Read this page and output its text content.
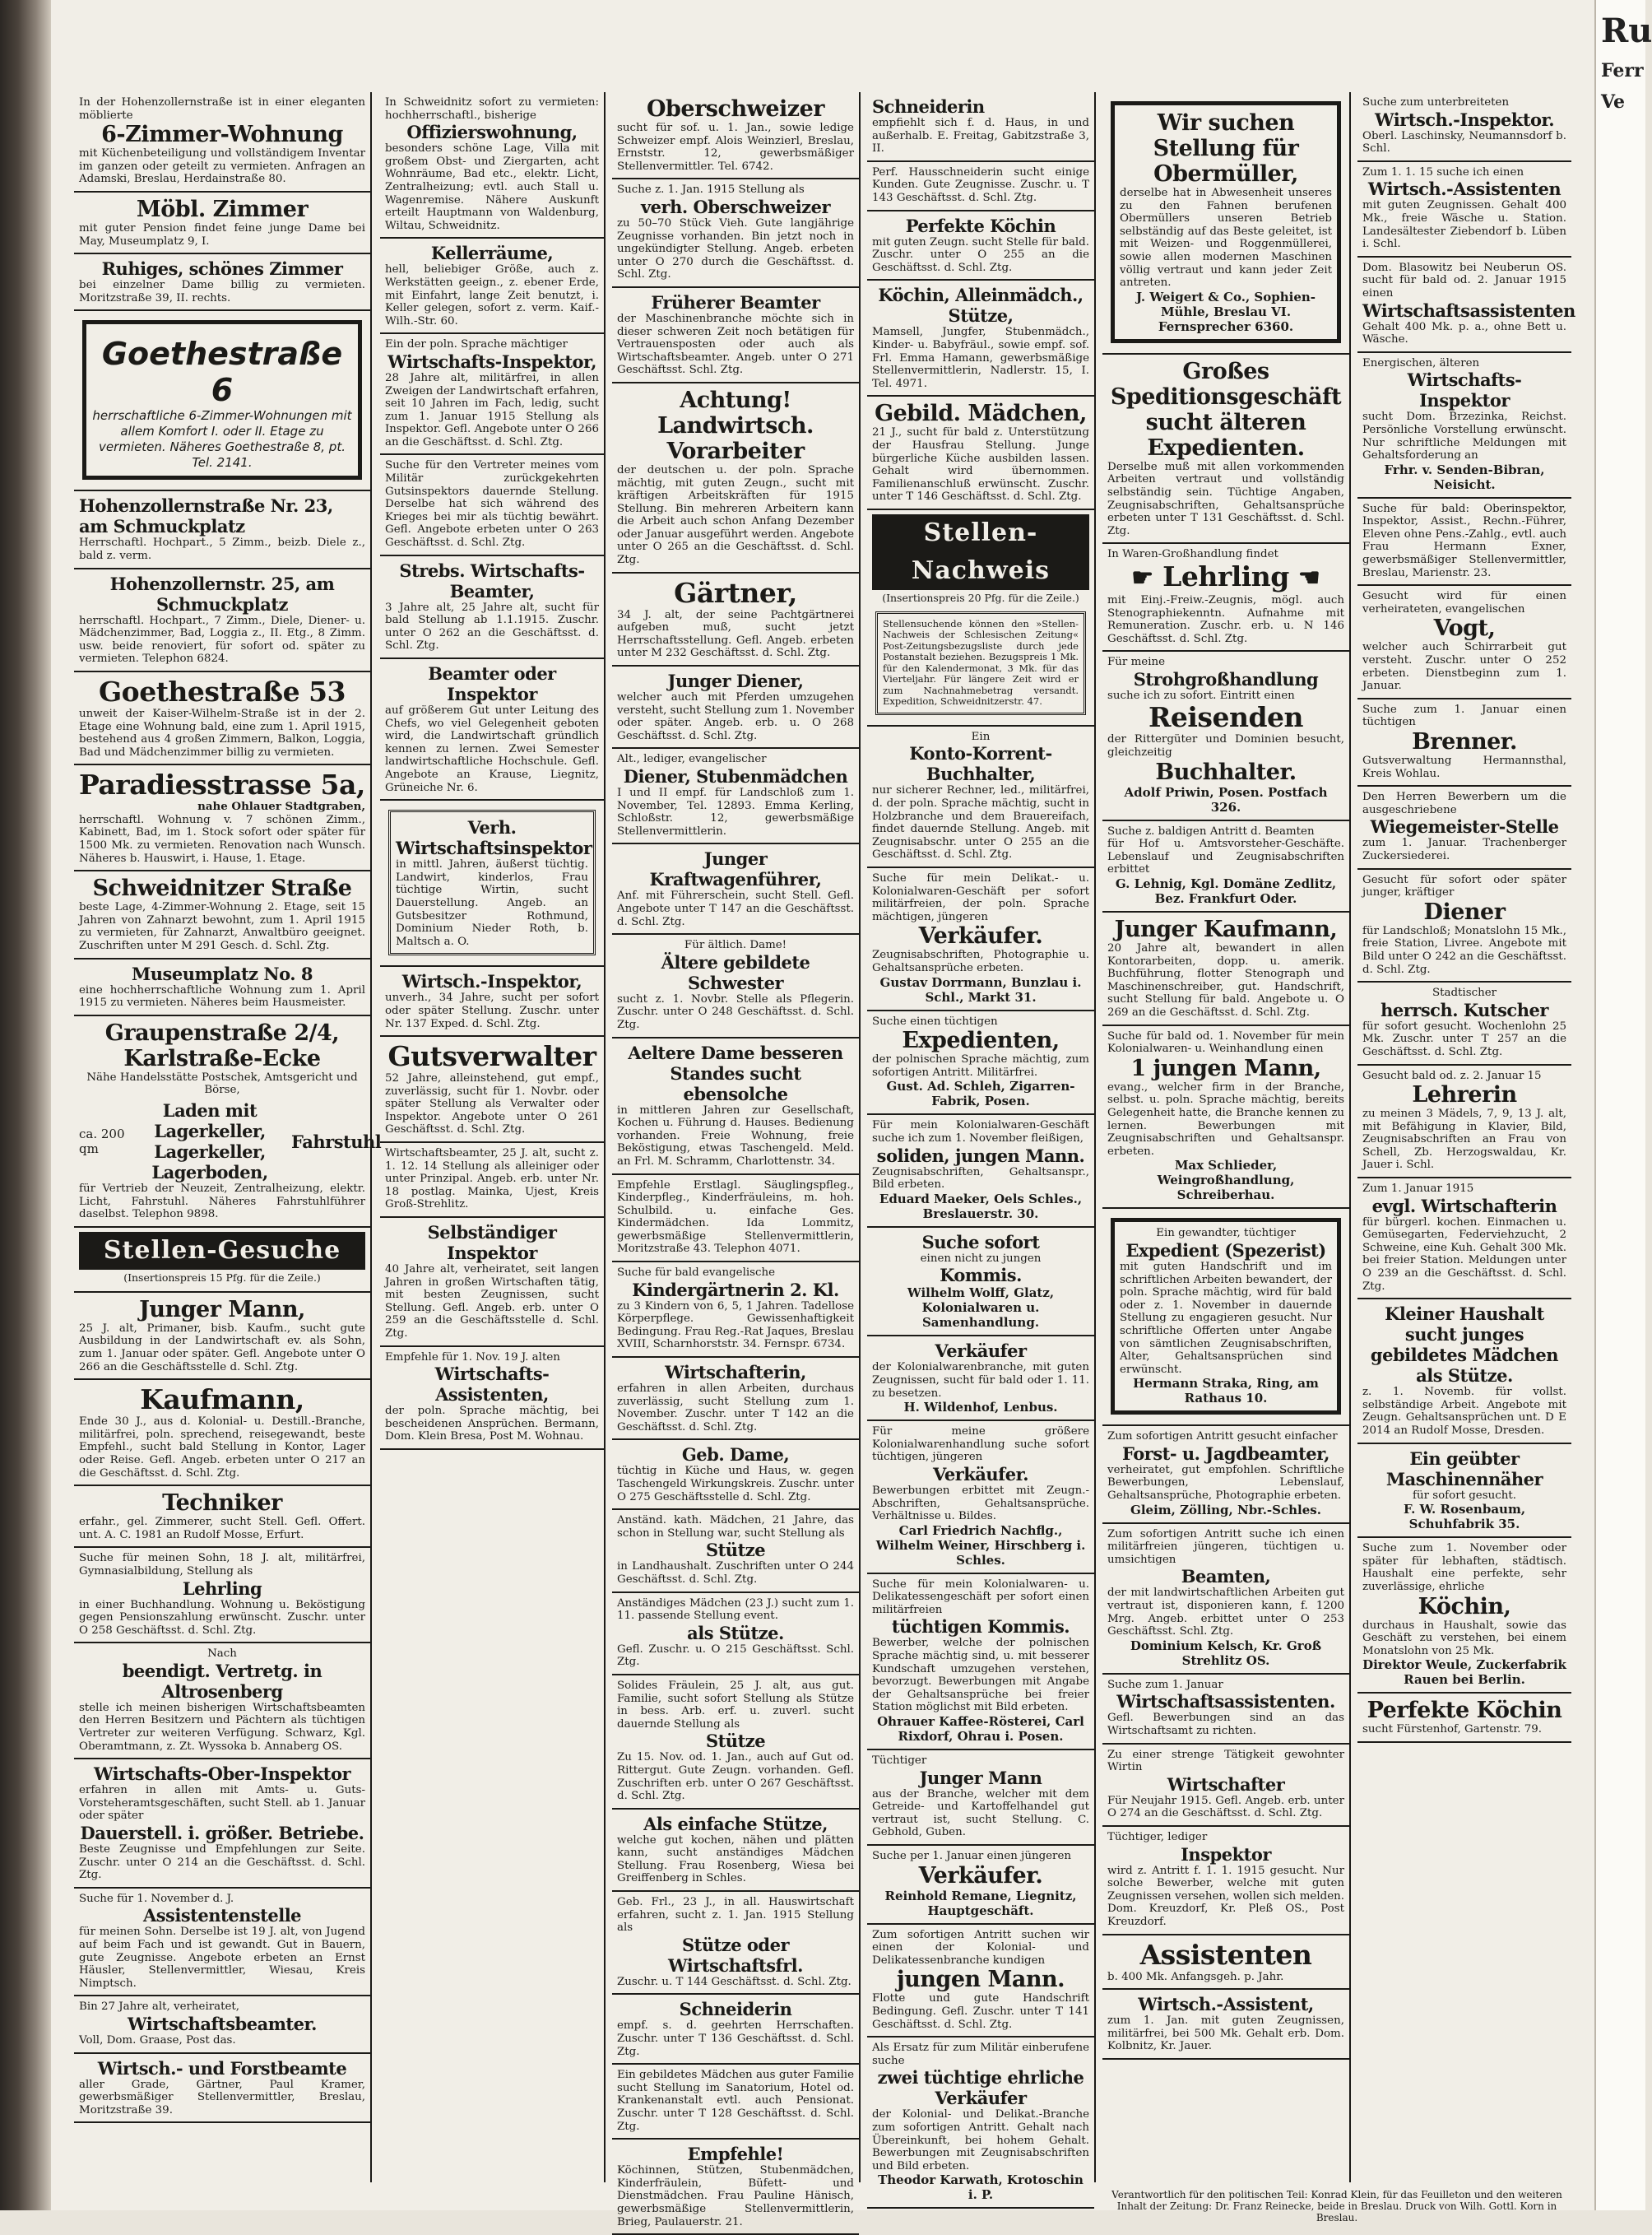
Ru
Ferr
Ve

In der Hohenzollernstraße ist in einer eleganten möblierte

6-Zimmer-Wohnung

mit Küchenbeteiligung und vollständigem Inventar im ganzen oder geteilt zu vermieten. Anfragen an Adamski, Breslau, Herdainstraße 80.

Möbl. Zimmer

mit guter Pension findet feine junge Dame bei May, Museumplatz 9, I.

Ruhiges, schönes Zimmer

bei einzelner Dame billig zu vermieten. Moritzstraße 39, II. rechts.

Goethestraße 6
herrschaftliche 6-Zimmer-Wohnungen mit allem Komfort I. oder II. Etage zu vermieten. Näheres Goethestraße 8, pt. Tel. 2141.
Hohenzollernstraße Nr. 23, am Schmuckplatz

Herrschaftl. Hochpart., 5 Zimm., beizb. Diele z., bald z. verm.

Hohenzollernstr. 25, am Schmuckplatz

herrschaftl. Hochpart., 7 Zimm., Diele, Diener- u. Mädchenzimmer, Bad, Loggia z., II. Etg., 8 Zimm. usw. beide renoviert, für sofort od. später zu vermieten. Telephon 6824.

Goethestraße 53

unweit der Kaiser-Wilhelm-Straße ist in der 2. Etage eine Wohnung bald, eine zum 1. April 1915, bestehend aus 4 großen Zimmern, Balkon, Loggia, Bad und Mädchenzimmer billig zu vermieten.

Paradiesstrasse 5a,

nahe Ohlauer Stadtgraben,

herrschaftl. Wohnung v. 7 schönen Zimm., Kabinett, Bad, im 1. Stock sofort oder später für 1500 Mk. zu vermieten. Renovation nach Wunsch. Näheres b. Hauswirt, i. Hause, 1. Etage.

Schweidnitzer Straße

beste Lage, 4-Zimmer-Wohnung 2. Etage, seit 15 Jahren von Zahnarzt bewohnt, zum 1. April 1915 zu vermieten, für Zahnarzt, Anwaltbüro geeignet. Zuschriften unter M 291 Gesch. d. Schl. Ztg.

Museumplatz No. 8

eine hochherrschaftliche Wohnung zum 1. April 1915 zu vermieten. Näheres beim Hausmeister.

Graupenstraße 2/4, Karlstraße-Ecke

Nähe Handelsstätte Postschek, Amtsgericht und Börse,

ca. 200 qm
Laden mit Lagerkeller,
Lagerkeller,
Lagerboden,
Fahrstuhl

für Vertrieb der Neuzeit, Zentralheizung, elektr. Licht, Fahrstuhl. Näheres Fahrstuhlführer daselbst. Telephon 9898.

Stellen-Gesuche
(Insertionspreis 15 Pfg. für die Zeile.)
Junger Mann,

25 J. alt, Primaner, bisb. Kaufm., sucht gute Ausbildung in der Landwirtschaft ev. als Sohn, zum 1. Januar oder später. Gefl. Angebote unter O 266 an die Geschäftsstelle d. Schl. Ztg.

Kaufmann,

Ende 30 J., aus d. Kolonial- u. Destill.-Branche, militärfrei, poln. sprechend, reisegewandt, beste Empfehl., sucht bald Stellung in Kontor, Lager oder Reise. Gefl. Angeb. erbeten unter O 217 an die Geschäftsst. d. Schl. Ztg.

Techniker

erfahr., gel. Zimmerer, sucht Stell. Gefl. Offert. unt. A. C. 1981 an Rudolf Mosse, Erfurt.

Suche für meinen Sohn, 18 J. alt, militärfrei, Gymnasialbildung, Stellung als

Lehrling

in einer Buchhandlung. Wohnung u. Beköstigung gegen Pensionszahlung erwünscht. Zuschr. unter O 258 Geschäftsst. d. Schl. Ztg.

Nach

beendigt. Vertretg. in Altrosenberg

stelle ich meinen bisherigen Wirtschaftsbeamten den Herren Besitzern und Pächtern als tüchtigen Vertreter zur weiteren Verfügung. Schwarz, Kgl. Oberamtmann, z. Zt. Wyssoka b. Annaberg OS.

Wirtschafts-Ober-Inspektor

erfahren in allen mit Amts- u. Guts-Vorsteheramtsgeschäften, sucht Stell. ab 1. Januar oder später

Dauerstell. i. größer. Betriebe.

Beste Zeugnisse und Empfehlungen zur Seite. Zuschr. unter O 214 an die Geschäftsst. d. Schl. Ztg.

Suche für 1. November d. J.

Assistentenstelle

für meinen Sohn. Derselbe ist 19 J. alt, von Jugend auf beim Fach und ist gewandt. Gut in Bauern, gute Zeugnisse. Angebote erbeten an Ernst Häusler, Stellenvermittler, Wiesau, Kreis Nimptsch.

Bin 27 Jahre alt, verheiratet,

Wirtschaftsbeamter.

Voll, Dom. Graase, Post das.

Wirtsch.- und Forstbeamte

aller Grade, Gärtner, Paul Kramer, gewerbsmäßiger Stellenvermittler, Breslau, Moritzstraße 39.

In Schweidnitz sofort zu vermieten: hochherrschaftl., bisherige

Offizierswohnung,

besonders schöne Lage, Villa mit großem Obst- und Ziergarten, acht Wohnräume, Bad etc., elektr. Licht, Zentralheizung; evtl. auch Stall u. Wagenremise. Nähere Auskunft erteilt Hauptmann von Waldenburg, Wiltau, Schweidnitz.

Kellerräume,

hell, beliebiger Größe, auch z. Werkstätten geeign., z. ebener Erde, mit Einfahrt, lange Zeit benutzt, i. Keller gelegen, sofort z. verm. Kaif.-Wilh.-Str. 60.

Ein der poln. Sprache mächtiger

Wirtschafts-Inspektor,

28 Jahre alt, militärfrei, in allen Zweigen der Landwirtschaft erfahren, seit 10 Jahren im Fach, ledig, sucht zum 1. Januar 1915 Stellung als Inspektor. Gefl. Angebote unter O 266 an die Geschäftsst. d. Schl. Ztg.

Suche für den Vertreter meines vom Militär zurückgekehrten Gutsinspektors dauernde Stellung. Derselbe hat sich während des Krieges bei mir als tüchtig bewährt. Gefl. Angebote erbeten unter O 263 Geschäftsst. d. Schl. Ztg.

Strebs. Wirtschafts-Beamter,

3 Jahre alt, 25 Jahre alt, sucht für bald Stellung ab 1.1.1915. Zuschr. unter O 262 an die Geschäftsst. d. Schl. Ztg.

Beamter oder Inspektor

auf größerem Gut unter Leitung des Chefs, wo viel Gelegenheit geboten wird, die Landwirtschaft gründlich kennen zu lernen. Zwei Semester landwirtschaftliche Hochschule. Gefl. Angebote an Krause, Liegnitz, Grüneiche Nr. 6.

Verh. Wirtschaftsinspektor

in mittl. Jahren, äußerst tüchtig. Landwirt, kinderlos, Frau tüchtige Wirtin, sucht Dauerstellung. Angeb. an Gutsbesitzer Rothmund, Dominium Nieder Roth, b. Maltsch a. O.

Wirtsch.-Inspektor,

unverh., 34 Jahre, sucht per sofort oder später Stellung. Zuschr. unter Nr. 137 Exped. d. Schl. Ztg.

Gutsverwalter

52 Jahre, alleinstehend, gut empf., zuverlässig, sucht für 1. Novbr. oder später Stellung als Verwalter oder Inspektor. Angebote unter O 261 Geschäftsst. d. Schl. Ztg.

Wirtschaftsbeamter, 25 J. alt, sucht z. 1. 12. 14 Stellung als alleiniger oder unter Prinzipal. Angeb. erb. unter Nr. 18 postlag. Mainka, Ujest, Kreis Groß-Strehlitz.

Selbständiger Inspektor

40 Jahre alt, verheiratet, seit langen Jahren in großen Wirtschaften tätig, mit besten Zeugnissen, sucht Stellung. Gefl. Angeb. erb. unter O 259 an die Geschäftsstelle d. Schl. Ztg.

Empfehle für 1. Nov. 19 J. alten

Wirtschafts-Assistenten,

der poln. Sprache mächtig, bei bescheidenen Ansprüchen. Bermann, Dom. Klein Bresa, Post M. Wohnau.

Oberschweizer

sucht für sof. u. 1. Jan., sowie ledige Schweizer empf. Alois Weinzierl, Breslau, Ernststr. 12, gewerbsmäßiger Stellenvermittler. Tel. 6742.

Suche z. 1. Jan. 1915 Stellung als

verh. Oberschweizer

zu 50–70 Stück Vieh. Gute langjährige Zeugnisse vorhanden. Bin jetzt noch in ungekündigter Stellung. Angeb. erbeten unter O 270 durch die Geschäftsst. d. Schl. Ztg.

Früherer Beamter

der Maschinenbranche möchte sich in dieser schweren Zeit noch betätigen für Vertrauensposten oder auch als Wirtschaftsbeamter. Angeb. unter O 271 Geschäftsst. Schl. Ztg.

Achtung! Landwirtsch. Vorarbeiter

der deutschen u. der poln. Sprache mächtig, mit guten Zeugn., sucht mit kräftigen Arbeitskräften für 1915 Stellung. Bin mehreren Arbeitern kann die Arbeit auch schon Anfang Dezember oder Januar ausgeführt werden. Angebote unter O 265 an die Geschäftsst. d. Schl. Ztg.

Gärtner,

34 J. alt, der seine Pachtgärtnerei aufgeben muß, sucht jetzt Herrschaftsstellung. Gefl. Angeb. erbeten unter M 232 Geschäftsst. d. Schl. Ztg.

Junger Diener,

welcher auch mit Pferden umzugehen versteht, sucht Stellung zum 1. November oder später. Angeb. erb. u. O 268 Geschäftsst. d. Schl. Ztg.

Alt., lediger, evangelischer

Diener, Stubenmädchen

I und II empf. für Landschloß zum 1. November, Tel. 12893. Emma Kerling, Schloßstr. 12, gewerbsmäßige Stellenvermittlerin.

Junger Kraftwagenführer,

Anf. mit Führerschein, sucht Stell. Gefl. Angebote unter T 147 an die Geschäftsst. d. Schl. Ztg.

Für ältlich. Dame!

Ältere gebildete Schwester

sucht z. 1. Novbr. Stelle als Pflegerin. Zuschr. unter O 248 Geschäftsst. d. Schl. Ztg.

Aeltere Dame besseren Standes sucht ebensolche

in mittleren Jahren zur Gesellschaft, Kochen u. Führung d. Hauses. Bedienung vorhanden. Freie Wohnung, freie Beköstigung, etwas Taschengeld. Meld. an Frl. M. Schramm, Charlottenstr. 34.

Empfehle Erstlagl. Säuglingspfleg., Kinderpfleg., Kinderfräuleins, m. hoh. Schulbild. u. einfache Ges. Kindermädchen. Ida Lommitz, gewerbsmäßige Stellenvermittlerin, Moritzstraße 43. Telephon 4071.

Suche für bald evangelische

Kindergärtnerin 2. Kl.

zu 3 Kindern von 6, 5, 1 Jahren. Tadellose Körperpflege. Gewissenhaftigkeit Bedingung. Frau Reg.-Rat Jaques, Breslau XVIII, Scharnhorststr. 34. Fernspr. 6734.

Wirtschafterin,

erfahren in allen Arbeiten, durchaus zuverlässig, sucht Stellung zum 1. November. Zuschr. unter T 142 an die Geschäftsst. d. Schl. Ztg.

Geb. Dame,

tüchtig in Küche und Haus, w. gegen Taschengeld Wirkungskreis. Zuschr. unter O 275 Geschäftsstelle d. Schl. Ztg.

Anständ. kath. Mädchen, 21 Jahre, das schon in Stellung war, sucht Stellung als

Stütze

in Landhaushalt. Zuschriften unter O 244 Geschäftsst. d. Schl. Ztg.

Anständiges Mädchen (23 J.) sucht zum 1. 11. passende Stellung event.

als Stütze.

Gefl. Zuschr. u. O 215 Geschäftsst. Schl. Ztg.

Solides Fräulein, 25 J. alt, aus gut. Familie, sucht sofort Stellung als Stütze in bess. Arb. erf. u. zuverl. sucht dauernde Stellung als

Stütze

Zu 15. Nov. od. 1. Jan., auch auf Gut od. Rittergut. Gute Zeugn. vorhanden. Gefl. Zuschriften erb. unter O 267 Geschäftsst. d. Schl. Ztg.

Als einfache Stütze,

welche gut kochen, nähen und plätten kann, sucht anständiges Mädchen Stellung. Frau Rosenberg, Wiesa bei Greiffenberg in Schles.

Geb. Frl., 23 J., in all. Hauswirtschaft erfahren, sucht z. 1. Jan. 1915 Stellung als

Stütze oder Wirtschaftsfrl.

Zuschr. u. T 144 Geschäftsst. d. Schl. Ztg.

Schneiderin

empf. s. d. geehrten Herrschaften. Zuschr. unter T 136 Geschäftsst. d. Schl. Ztg.

Ein gebildetes Mädchen aus guter Familie sucht Stellung im Sanatorium, Hotel od. Krankenanstalt evtl. auch Pensionat. Zuschr. unter T 128 Geschäftsst. d. Schl. Ztg.

Empfehle!

Köchinnen, Stützen, Stubenmädchen, Kinderfräulein, Büfett- und Dienstmädchen. Frau Pauline Hänisch, gewerbsmäßige Stellenvermittlerin, Brieg, Paulauerstr. 21.

Schneiderin

empfiehlt sich f. d. Haus, in und außerhalb. E. Freitag, Gabitzstraße 3, II.

Perf. Hausschneiderin sucht einige Kunden. Gute Zeugnisse. Zuschr. u. T 143 Geschäftsst. d. Schl. Ztg.

Perfekte Köchin

mit guten Zeugn. sucht Stelle für bald. Zuschr. unter O 255 an die Geschäftsst. d. Schl. Ztg.

Köchin, Alleinmädch., Stütze,

Mamsell, Jungfer, Stubenmädch., Kinder- u. Babyfräul., sowie empf. sof. Frl. Emma Hamann, gewerbsmäßige Stellenvermittlerin, Nadlerstr. 15, I. Tel. 4971.

Gebild. Mädchen,

21 J., sucht für bald z. Unterstützung der Hausfrau Stellung. Junge bürgerliche Küche ausbilden lassen. Gehalt wird übernommen. Familienanschluß erwünscht. Zuschr. unter T 146 Geschäftsst. d. Schl. Ztg.

Stellen-Nachweis
(Insertionspreis 20 Pfg. für die Zeile.)

Stellensuchende können den »Stellen-Nachweis der Schlesischen Zeitung« Post-Zeitungsbezugsliste durch jede Postanstalt beziehen. Bezugspreis 1 Mk. für den Kalendermonat, 3 Mk. für das Vierteljahr. Für längere Zeit wird er zum Nachnahmebetrag versandt. Expedition, Schweidnitzerstr. 47.

Ein

Konto-Korrent-Buchhalter,

nur sicherer Rechner, led., militärfrei, d. der poln. Sprache mächtig, sucht in Holzbranche und dem Brauereifach, findet dauernde Stellung. Angeb. mit Zeugnisabschr. unter O 255 an die Geschäftsst. d. Schl. Ztg.

Suche für mein Delikat.- u. Kolonialwaren-Geschäft per sofort militärfreien, der poln. Sprache mächtigen, jüngeren

Verkäufer.

Zeugnisabschriften, Photographie u. Gehaltsansprüche erbeten.

Gustav Dorrmann, Bunzlau i. Schl., Markt 31.

Suche einen tüchtigen

Expedienten,

der polnischen Sprache mächtig, zum sofortigen Antritt. Militärfrei.

Gust. Ad. Schleh, Zigarren-Fabrik, Posen.

Für mein Kolonialwaren-Geschäft suche ich zum 1. November fleißigen,

soliden, jungen Mann.

Zeugnisabschriften, Gehaltsanspr., Bild erbeten.

Eduard Maeker, Oels Schles., Breslauerstr. 30.
Suche sofort

einen nicht zu jungen

Kommis.
Wilhelm Wolff, Glatz, Kolonialwaren u. Samenhandlung.
Verkäufer

der Kolonialwarenbranche, mit guten Zeugnissen, sucht für bald oder 1. 11. zu besetzen.

H. Wildenhof, Lenbus.

Für meine größere Kolonialwarenhandlung suche sofort tüchtigen, jüngeren

Verkäufer.

Bewerbungen erbittet mit Zeugn.-Abschriften, Gehaltsansprüche. Verhältnisse u. Bildes.

Carl Friedrich Nachflg., Wilhelm Weiner, Hirschberg i. Schles.

Suche für mein Kolonialwaren- u. Delikatessengeschäft per sofort einen militärfreien

tüchtigen Kommis.

Bewerber, welche der polnischen Sprache mächtig sind, u. mit besserer Kundschaft umzugehen verstehen, bevorzugt. Bewerbungen mit Angabe der Gehaltsansprüche bei freier Station möglichst mit Bild erbeten.

Ohrauer Kaffee-Rösterei, Carl Rixdorf, Ohrau i. Posen.

Tüchtiger

Junger Mann

aus der Branche, welcher mit dem Getreide- und Kartoffelhandel gut vertraut ist, sucht Stellung. C. Gebhold, Guben.

Suche per 1. Januar einen jüngeren

Verkäufer.
Reinhold Remane, Liegnitz, Hauptgeschäft.

Zum sofortigen Antritt suchen wir einen der Kolonial- und Delikatessenbranche kundigen

jungen Mann.

Flotte und gute Handschrift Bedingung. Gefl. Zuschr. unter T 141 Geschäftsst. d. Schl. Ztg.

Als Ersatz für zum Militär einberufene suche

zwei tüchtige ehrliche Verkäufer

der Kolonial- und Delikat.-Branche zum sofortigen Antritt. Gehalt nach Übereinkunft, bei hohem Gehalt. Bewerbungen mit Zeugnisabschriften und Bild erbeten.

Theodor Karwath, Krotoschin i. P.
Wir suchen Stellung für Obermüller,

derselbe hat in Abwesenheit unseres zu den Fahnen berufenen Obermüllers unseren Betrieb selbständig auf das Beste geleitet, ist mit Weizen- und Roggenmüllerei, sowie allen modernen Maschinen völlig vertraut und kann jeder Zeit antreten.

J. Weigert & Co., Sophien-Mühle, Breslau VI. Fernsprecher 6360.
Großes Speditionsgeschäft sucht älteren Expedienten.

Derselbe muß mit allen vorkommenden Arbeiten vertraut und vollständig selbständig sein. Tüchtige Angaben, Zeugnisabschriften, Gehaltsansprüche erbeten unter T 131 Geschäftsst. d. Schl. Ztg.

In Waren-Großhandlung findet

☛ Lehrling ☚

mit Einj.-Freiw.-Zeugnis, mögl. auch Stenographiekenntn. Aufnahme mit Remuneration. Zuschr. erb. u. N 146 Geschäftsst. d. Schl. Ztg.

Für meine

Strohgroßhandlung

suche ich zu sofort. Eintritt einen

Reisenden

der Rittergüter und Dominien besucht, gleichzeitig

Buchhalter.
Adolf Priwin, Posen. Postfach 326.

Suche z. baldigen Antritt d. Beamten

für Hof u. Amtsvorsteher-Geschäfte. Lebenslauf und Zeugnisabschriften erbittet

G. Lehnig, Kgl. Domäne Zedlitz, Bez. Frankfurt Oder.
Junger Kaufmann,

20 Jahre alt, bewandert in allen Kontorarbeiten, dopp. u. amerik. Buchführung, flotter Stenograph und Maschinenschreiber, gut. Handschrift, sucht Stellung für bald. Angebote u. O 269 an die Geschäftsst. d. Schl. Ztg.

Suche für bald od. 1. November für mein Kolonialwaren- u. Weinhandlung einen

1 jungen Mann,

evang., welcher firm in der Branche, selbst. u. poln. Sprache mächtig, bereits Gelegenheit hatte, die Branche kennen zu lernen. Bewerbungen mit Zeugnisabschriften und Gehaltsanspr. erbeten.

Max Schlieder, Weingroßhandlung, Schreiberhau.

Ein gewandter, tüchtiger

Expedient (Spezerist)

mit guten Handschrift und im schriftlichen Arbeiten bewandert, der poln. Sprache mächtig, wird für bald oder z. 1. November in dauernde Stellung zu engagieren gesucht. Nur schriftliche Offerten unter Angabe von sämtlichen Zeugnisabschriften, Alter, Gehaltsansprüchen sind erwünscht.

Hermann Straka, Ring, am Rathaus 10.

Zum sofortigen Antritt gesucht einfacher

Forst- u. Jagdbeamter,

verheiratet, gut empfohlen. Schriftliche Bewerbungen, Lebenslauf, Gehaltsansprüche, Photographie erbeten.

Gleim, Zölling, Nbr.-Schles.

Zum sofortigen Antritt suche ich einen militärfreien jüngeren, tüchtigen u. umsichtigen

Beamten,

der mit landwirtschaftlichen Arbeiten gut vertraut ist, disponieren kann, f. 1200 Mrg. Angeb. erbittet unter O 253 Geschäftsst. Schl. Ztg.

Dominium Kelsch, Kr. Groß Strehlitz OS.

Suche zum 1. Januar

Wirtschaftsassistenten.

Gefl. Bewerbungen sind an das Wirtschaftsamt zu richten.

Zu einer strenge Tätigkeit gewohnter Wirtin

Wirtschafter

Für Neujahr 1915. Gefl. Angeb. erb. unter O 274 an die Geschäftsst. d. Schl. Ztg.

Tüchtiger, lediger

Inspektor

wird z. Antritt f. 1. 1. 1915 gesucht. Nur solche Bewerber, welche mit guten Zeugnissen versehen, wollen sich melden. Dom. Kreuzdorf, Kr. Pleß OS., Post Kreuzdorf.

Assistenten

b. 400 Mk. Anfangsgeh. p. Jahr.

Wirtsch.-Assistent,

zum 1. Jan. mit guten Zeugnissen, militärfrei, bei 500 Mk. Gehalt erb. Dom. Kolbnitz, Kr. Jauer.

Suche zum unterbreiteten

Wirtsch.-Inspektor.

Oberl. Laschinsky, Neumannsdorf b. Schl.

Zum 1. 1. 15 suche ich einen

Wirtsch.-Assistenten

mit guten Zeugnissen. Gehalt 400 Mk., freie Wäsche u. Station. Landesältester Ziebendorf b. Lüben i. Schl.

Dom. Blasowitz bei Neuberun OS. sucht für bald od. 2. Januar 1915 einen

Wirtschaftsassistenten

Gehalt 400 Mk. p. a., ohne Bett u. Wäsche.

Energischen, älteren

Wirtschafts-Inspektor

sucht Dom. Brzezinka, Reichst. Persönliche Vorstellung erwünscht. Nur schriftliche Meldungen mit Gehaltsforderung an

Frhr. v. Senden-Bibran, Neisicht.

Suche für bald: Oberinspektor, Inspektor, Assist., Rechn.-Führer, Eleven ohne Pens.-Zahlg., evtl. auch Frau Hermann Exner, gewerbsmäßiger Stellenvermittler, Breslau, Marienstr. 23.

Gesucht wird für einen verheirateten, evangelischen

Vogt,

welcher auch Schirrarbeit gut versteht. Zuschr. unter O 252 erbeten. Dienstbeginn zum 1. Januar.

Suche zum 1. Januar einen tüchtigen

Brenner.

Gutsverwaltung Hermannsthal, Kreis Wohlau.

Den Herren Bewerbern um die ausgeschriebene

Wiegemeister-Stelle

zum 1. Januar. Trachenberger Zuckersiederei.

Gesucht für sofort oder später junger, kräftiger

Diener

für Landschloß; Monatslohn 15 Mk., freie Station, Livree. Angebote mit Bild unter O 242 an die Geschäftsst. d. Schl. Ztg.

Stadtischer

herrsch. Kutscher

für sofort gesucht. Wochenlohn 25 Mk. Zuschr. unter T 257 an die Geschäftsst. d. Schl. Ztg.

Gesucht bald od. z. 2. Januar 15

Lehrerin

zu meinen 3 Mädels, 7, 9, 13 J. alt, mit Befähigung in Klavier, Bild, Zeugnisabschriften an Frau von Schell, Zb. Herzogswaldau, Kr. Jauer i. Schl.

Zum 1. Januar 1915

evgl. Wirtschafterin

für bürgerl. kochen. Einmachen u. Gemüsegarten, Federviehzucht, 2 Schweine, eine Kuh. Gehalt 300 Mk. bei freier Station. Meldungen unter O 239 an die Geschäftsst. d. Schl. Ztg.

Kleiner Haushalt sucht junges gebildetes Mädchen als Stütze.

z. 1. Novemb. für vollst. selbständige Arbeit. Angebote mit Zeugn. Gehaltsansprüchen unt. D E 2014 an Rudolf Mosse, Dresden.

Ein geübter Maschinennäher

für sofort gesucht.

F. W. Rosenbaum, Schuhfabrik 35.

Suche zum 1. November oder später für lebhaften, städtisch. Haushalt eine perfekte, sehr zuverlässige, ehrliche

Köchin,

durchaus in Haushalt, sowie das Geschäft zu verstehen, bei einem Monatslohn von 25 Mk.

Direktor Weule, Zuckerfabrik Rauen bei Berlin.
Perfekte Köchin

sucht Fürstenhof, Gartenstr. 79.

Verantwortlich für den politischen Teil: Konrad Klein, für das Feuilleton und den weiteren Inhalt der Zeitung: Dr. Franz Reinecke, beide in Breslau. Druck von Wilh. Gottl. Korn in Breslau.
